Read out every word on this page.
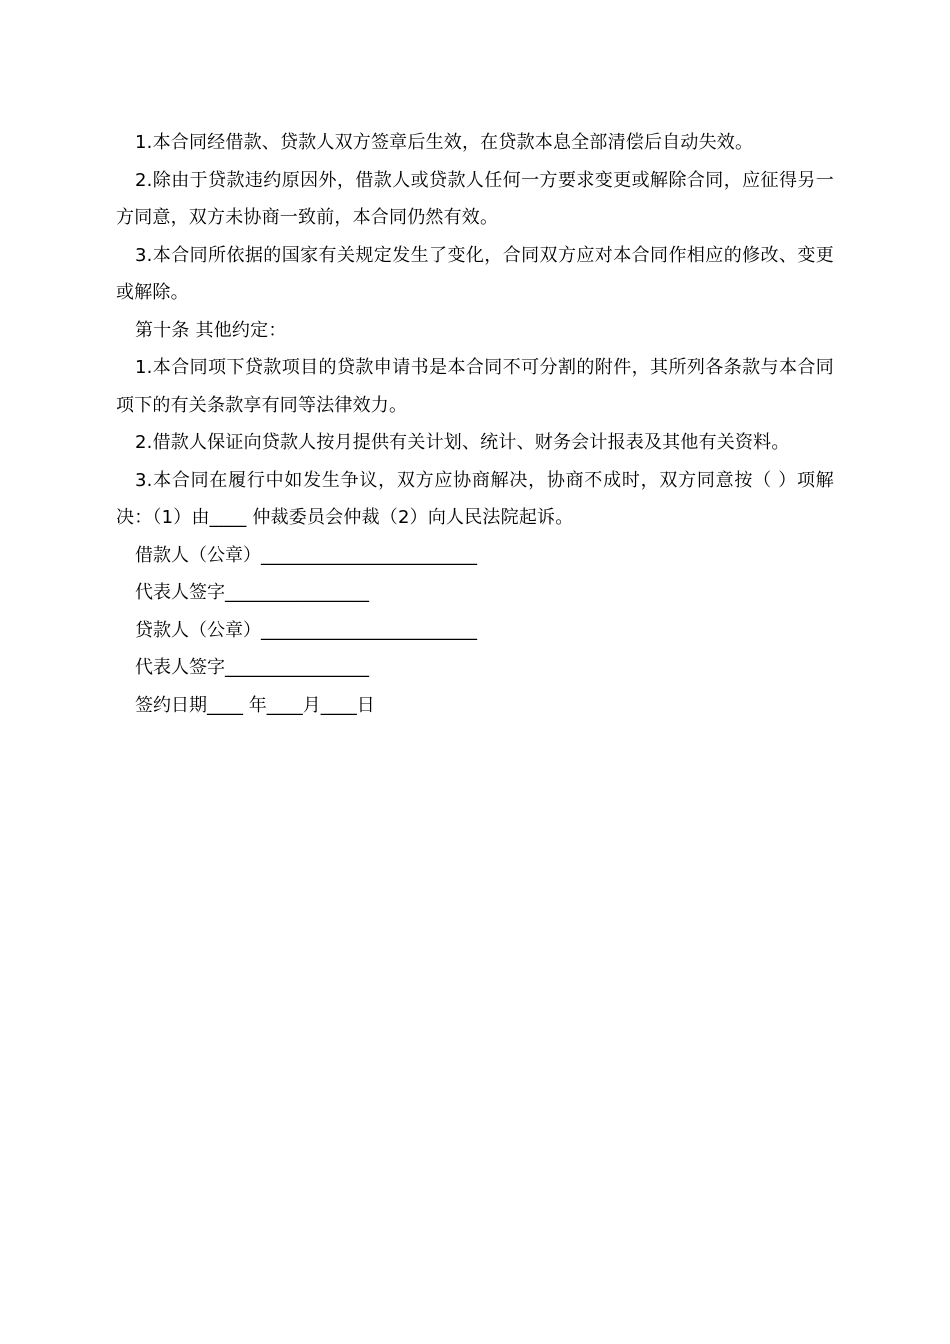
1.本合同经借款、贷款人双方签章后生效，在贷款本息全部清偿后自动失效。

2.除由于贷款违约原因外，借款人或贷款人任何一方要求变更或解除合同，应征得另一方同意，双方未协商一致前，本合同仍然有效。

3.本合同所依据的国家有关规定发生了变化，合同双方应对本合同作相应的修改、变更或解除。

第十条 其他约定：

1.本合同项下贷款项目的贷款申请书是本合同不可分割的附件，其所列各条款与本合同项下的有关条款享有同等法律效力。

2.借款人保证向贷款人按月提供有关计划、统计、财务会计报表及其他有关资料。

3.本合同在履行中如发生争议，双方应协商解决，协商不成时，双方同意按（ ）项解决：（1）由____ 仲裁委员会仲裁（2）向人民法院起诉。

借款人（公章）________________________

代表人签字________________

贷款人（公章）________________________

代表人签字________________

签约日期____ 年____月____日
